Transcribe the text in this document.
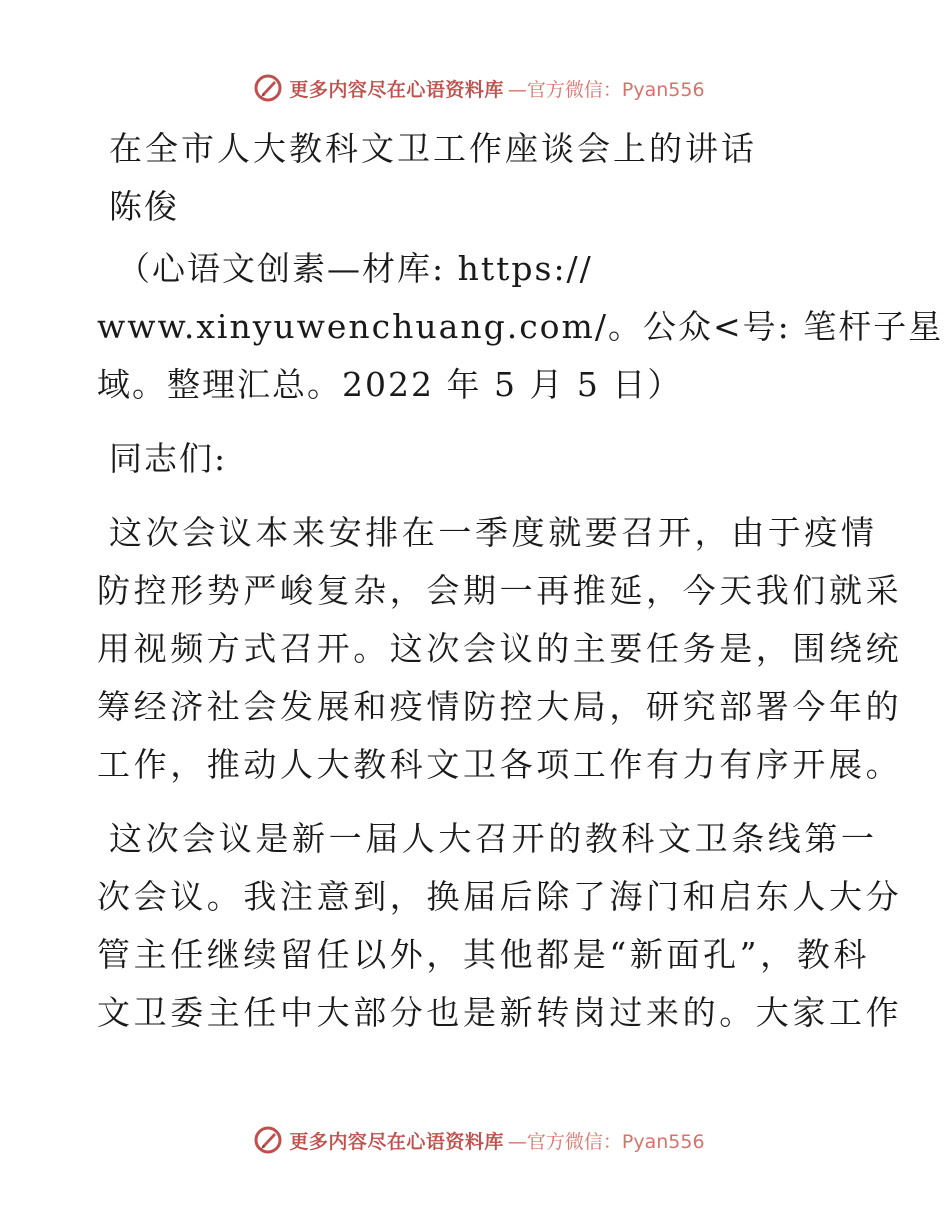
更多内容尽在心语资料库 —官方微信：Pyan556
在全市人大教科文卫工作座谈会上的讲话
陈俊
（心语文创素—材库: https://
www.xinyuwenchuang.com/。公众<号: 笔杆子星
域。整理汇总。2022 年 5 月 5 日）
同志们:
这次会议本来安排在一季度就要召开，由于疫情
防控形势严峻复杂，会期一再推延，今天我们就采
用视频方式召开。这次会议的主要任务是，围绕统
筹经济社会发展和疫情防控大局，研究部署今年的
工作，推动人大教科文卫各项工作有力有序开展。
这次会议是新一届人大召开的教科文卫条线第一
次会议。我注意到，换届后除了海门和启东人大分
管主任继续留任以外，其他都是“新面孔”，教科
文卫委主任中大部分也是新转岗过来的。大家工作
更多内容尽在心语资料库 —官方微信：Pyan556
